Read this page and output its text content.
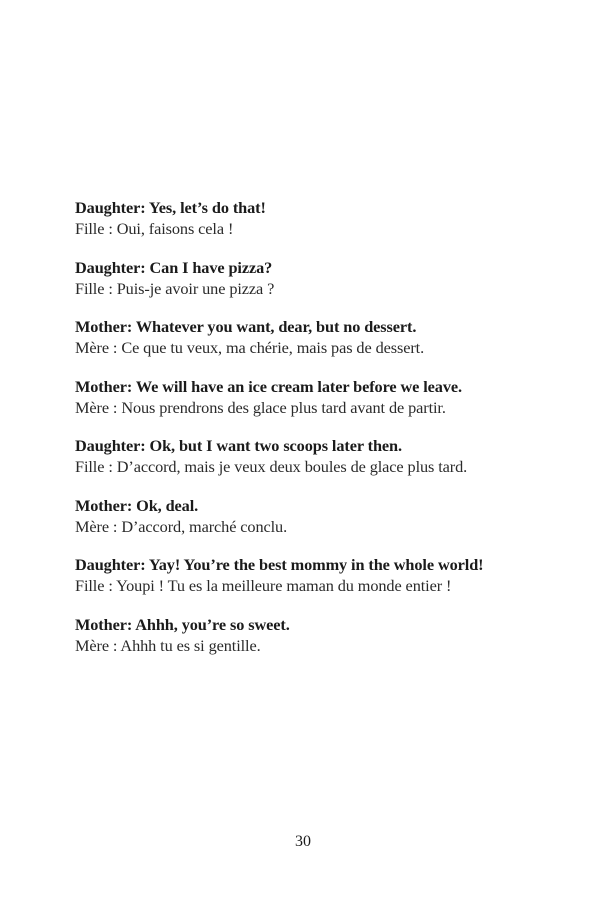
Daughter: Yes, let’s do that!

Fille : Oui, faisons cela !

Daughter: Can I have pizza?

Fille : Puis-je avoir une pizza ?

Mother: Whatever you want, dear, but no dessert.

Mère : Ce que tu veux, ma chérie, mais pas de dessert.

Mother: We will have an ice cream later before we leave.

Mère : Nous prendrons des glace plus tard avant de partir.

Daughter: Ok, but I want two scoops later then.

Fille : D’accord, mais je veux deux boules de glace plus tard.

Mother: Ok, deal.

Mère : D’accord, marché conclu.

Daughter: Yay! You’re the best mommy in the whole world!

Fille : Youpi ! Tu es la meilleure maman du monde entier !

Mother: Ahhh, you’re so sweet.

Mère : Ahhh tu es si gentille.

30
